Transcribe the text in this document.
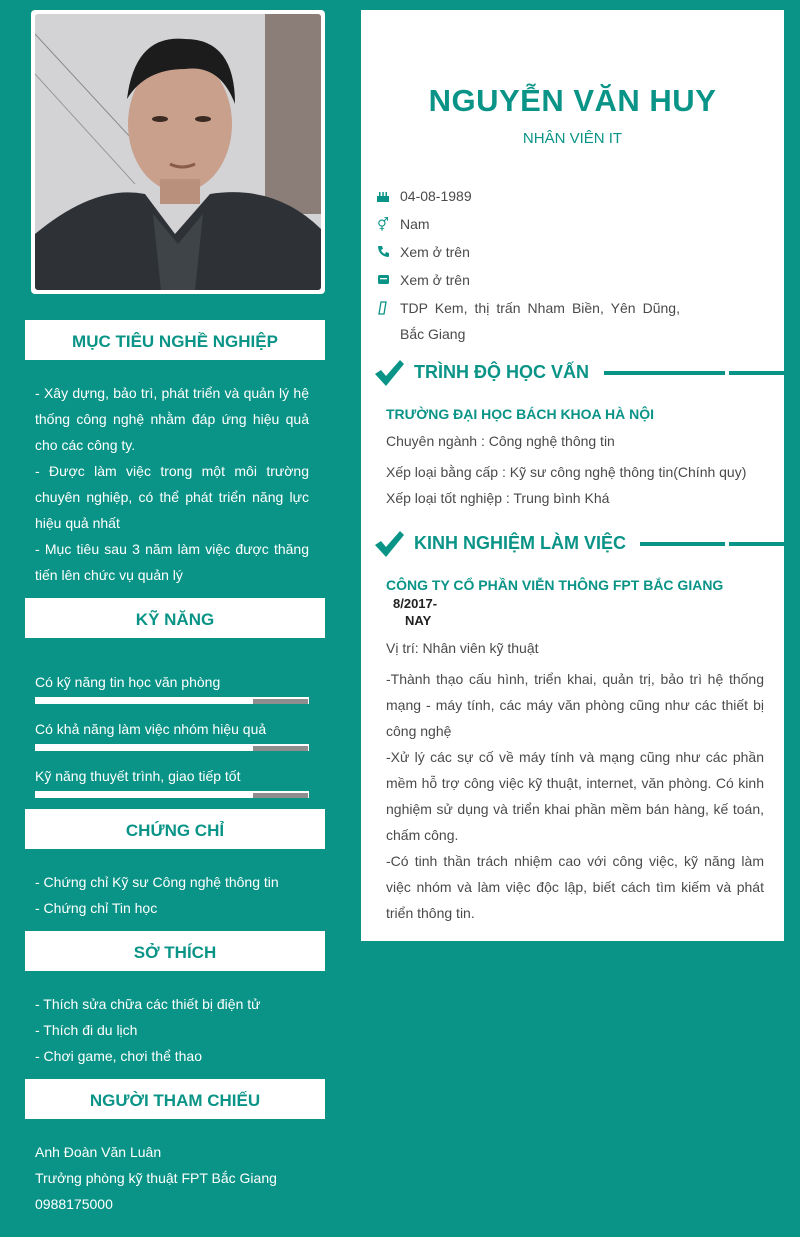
MỤC TIÊU NGHỀ NGHIỆP

- Xây dựng, bảo trì, phát triển và quản lý hệ thống công nghệ nhằm đáp ứng hiệu quả cho các công ty.

- Được làm việc trong một môi trường chuyên nghiệp, có thể phát triển năng lực hiệu quả nhất

- Mục tiêu sau 3 năm làm việc được thăng tiến lên chức vụ quản lý

KỸ NĂNG
Có kỹ năng tin học văn phòng
Có khả năng làm việc nhóm hiệu quả
Kỹ năng thuyết trình, giao tiếp tốt
CHỨNG CHỈ

- Chứng chỉ Kỹ sư Công nghệ thông tin

- Chứng chỉ Tin học

SỞ THÍCH

- Thích sửa chữa các thiết bị điện tử

- Thích đi du lịch

- Chơi game, chơi thể thao

NGƯỜI THAM CHIẾU

Anh Đoàn Văn Luân

Trưởng phòng kỹ thuật FPT Bắc Giang

0988175000

NGUYỄN VĂN HUY
NHÂN VIÊN IT
04-08-1989
⚥ Nam
Xem ở trên
Xem ở trên
TDP Kem, thị trấn Nham Biền, Yên Dũng, Bắc Giang
TRÌNH ĐỘ HỌC VẤN
TRƯỜNG ĐẠI HỌC BÁCH KHOA HÀ NỘI

Chuyên ngành : Công nghệ thông tin

Xếp loại bằng cấp : Kỹ sư công nghệ thông tin(Chính quy)

Xếp loại tốt nghiệp : Trung bình Khá

KINH NGHIỆM LÀM VIỆC
CÔNG TY CỔ PHẦN VIỄN THÔNG FPT BẮC GIANG
8/2017-
NAY

Vị trí: Nhân viên kỹ thuật

-Thành thạo cấu hình, triển khai, quản trị, bảo trì hệ thống mạng - máy tính, các máy văn phòng cũng như các thiết bị công nghệ

-Xử lý các sự cố về máy tính và mạng cũng như các phần mềm hỗ trợ công việc kỹ thuật, internet, văn phòng. Có kinh nghiệm sử dụng và triển khai phần mềm bán hàng, kế toán, chấm công.

-Có tinh thần trách nhiệm cao với công việc, kỹ năng làm việc nhóm và làm việc độc lập, biết cách tìm kiếm và phát triển thông tin.
